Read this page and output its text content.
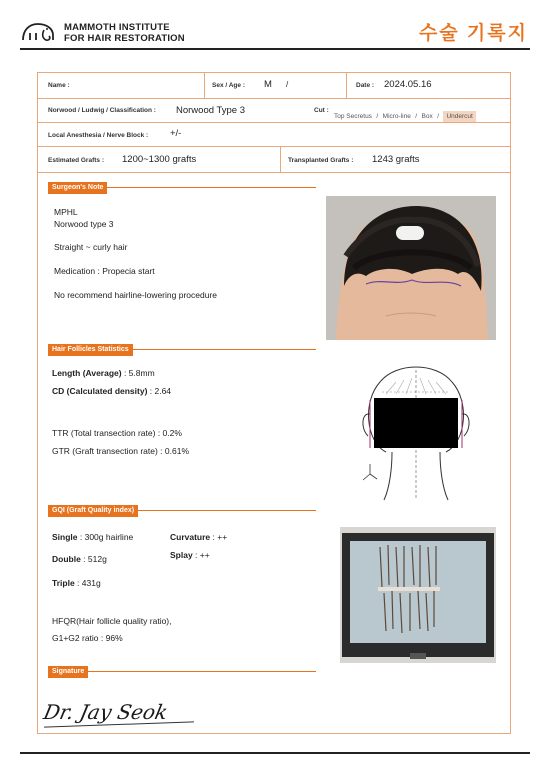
MAMMOTH INSTITUTE
FOR HAIR RESTORATION	수술 기록지
Name :	Sex / Age : M /	Date : 2024.05.16
Norwood / Ludwig / Classification : Norwood Type 3	Cut :
Top Secretus / Micro-line / Box / Undercut
Local Anesthesia / Nerve Block : +/-
Estimated Grafts : 1200~1300 grafts	Transplanted Grafts : 1243 grafts
Surgeon's Note
MPHL
Norwood type 3
Straight ~ curly hair
Medication : Propecia start
No recommend hairline-lowering procedure
Hair Follicles Statistics
Length (Average) : 5.8mm
CD (Calculated density) : 2.64
TTR (Total transection rate) : 0.2%
GTR (Graft transection rate) : 0.61%
GQI (Graft Quality index)
Single : 300g hairline
Double : 512g
Triple : 431g
Curvature : ++
Splay : ++
HFQR(Hair follicle quality ratio),
G1+G2 ratio : 96%
Signature
Dr. Jay Seok
